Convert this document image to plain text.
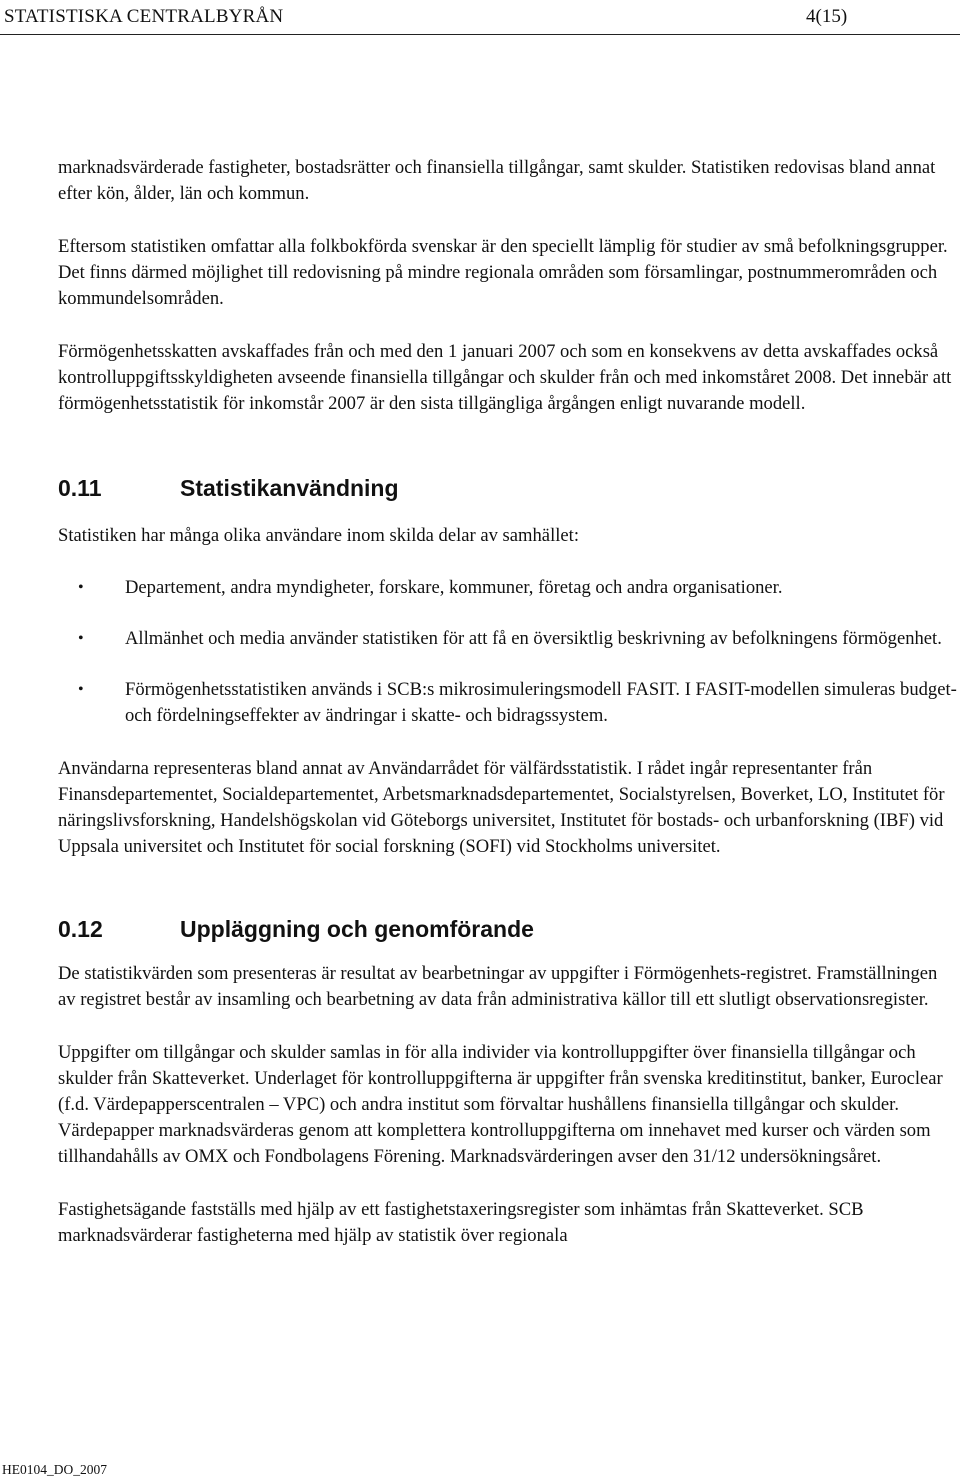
STATISTISKA CENTRALBYRÅN	4(15)

marknadsvärderade fastigheter, bostadsrätter och finansiella tillgångar, samt skulder. Statistiken redovisas bland annat efter kön, ålder, län och kommun.

Eftersom statistiken omfattar alla folkbokförda svenskar är den speciellt lämplig för studier av små befolkningsgrupper. Det finns därmed möjlighet till redovisning på mindre regionala områden som församlingar, postnummerområden och kommundelsområden.

Förmögenhetsskatten avskaffades från och med den 1 januari 2007 och som en konsekvens av detta avskaffades också kontrolluppgiftsskyldigheten avseende finansiella tillgångar och skulder från och med inkomståret 2008. Det innebär att förmögenhetsstatistik för inkomstår 2007 är den sista tillgängliga årgången enligt nuvarande modell.

0.11	Statistikanvändning

Statistiken har många olika användare inom skilda delar av samhället:

• Departement, andra myndigheter, forskare, kommuner, företag och andra organisationer.
• Allmänhet och media använder statistiken för att få en översiktlig beskrivning av befolkningens förmögenhet.
• Förmögenhetsstatistiken används i SCB:s mikrosimuleringsmodell FASIT. I FASIT-modellen simuleras budget- och fördelningseffekter av ändringar i skatte- och bidragssystem.

Användarna representeras bland annat av Användarrådet för välfärdsstatistik. I rådet ingår representanter från Finansdepartementet, Socialdepartementet, Arbetsmarknadsdepartementet, Socialstyrelsen, Boverket, LO, Institutet för näringslivsforskning, Handelshögskolan vid Göteborgs universitet, Institutet för bostads- och urbanforskning (IBF) vid Uppsala universitet och Institutet för social forskning (SOFI) vid Stockholms universitet.

0.12	Uppläggning och genomförande

De statistikvärden som presenteras är resultat av bearbetningar av uppgifter i Förmögenhets-registret. Framställningen av registret består av insamling och bearbetning av data från administrativa källor till ett slutligt observationsregister.

Uppgifter om tillgångar och skulder samlas in för alla individer via kontrolluppgifter över finansiella tillgångar och skulder från Skatteverket. Underlaget för kontrolluppgifterna är uppgifter från svenska kreditinstitut, banker, Euroclear (f.d. Värdepapperscentralen – VPC) och andra institut som förvaltar hushållens finansiella tillgångar och skulder. Värdepapper marknadsvärderas genom att komplettera kontrolluppgifterna om innehavet med kurser och värden som tillhandahålls av OMX och Fondbolagens Förening. Marknadsvärderingen avser den 31/12 undersökningsåret.

Fastighetsägande fastställs med hjälp av ett fastighetstaxeringsregister som inhämtas från Skatteverket. SCB marknadsvärderar fastigheterna med hjälp av statistik över regionala

HE0104_DO_2007
